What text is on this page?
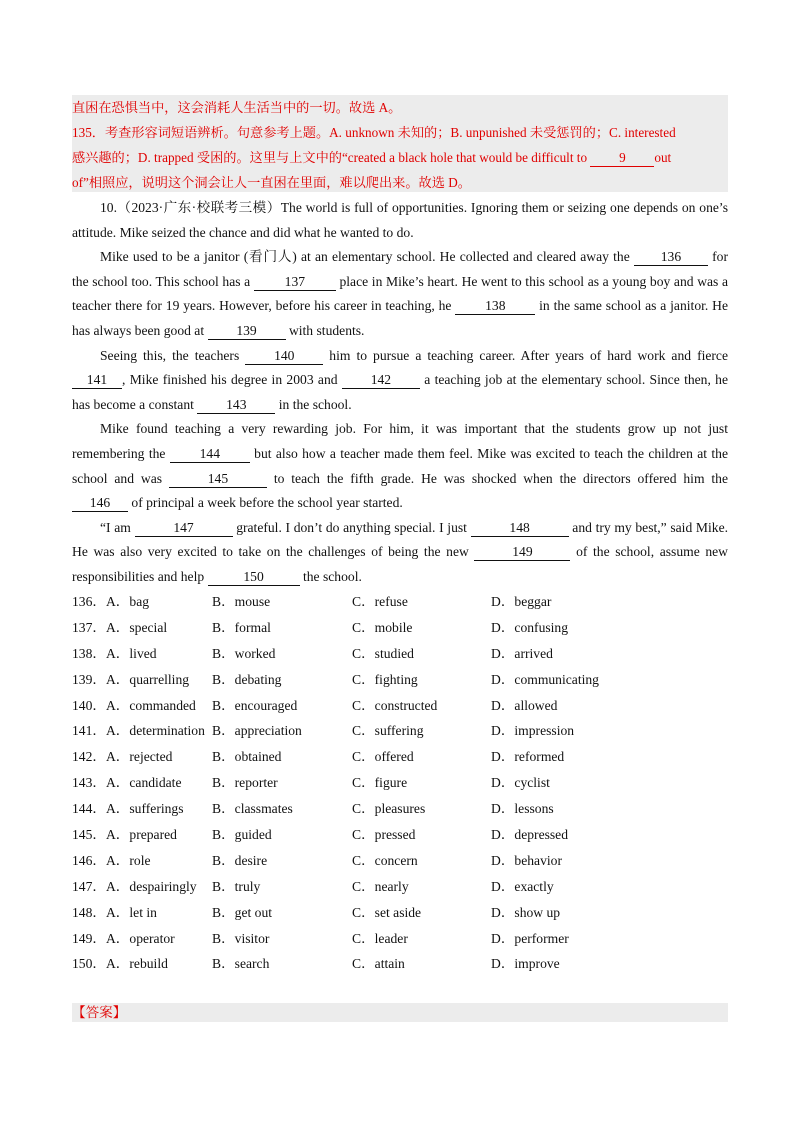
直困在恐惧当中，这会消耗人生活当中的一切。故选 A。
135．考查形容词短语辨析。句意参考上题。A. unknown 未知的；B. unpunished 未受惩罚的；C. interested
感兴趣的；D. trapped 受困的。这里与上文中的“created a black hole that would be difficult to 9 out
of”相照应，说明这个洞会让人一直困在里面，难以爬出来。故选 D。

10.（2023·广东·校联考三模）The world is full of opportunities. Ignoring them or seizing one depends on one’s attitude. Mike seized the chance and did what he wanted to do.

Mike used to be a janitor (看门人) at an elementary school. He collected and cleared away the 136 for the school too. This school has a	137	place in Mike’s heart. He went to this school as a young boy and was a teacher there for 19 years. However, before his career in teaching, he 138 in the same school as a janitor. He has always been good at 139 with students.

Seeing this, the teachers	140	him to pursue a teaching career. After years of hard work and fierce 141 , Mike finished his degree in 2003 and 142 a teaching job at the elementary school. Since then, he has become a constant 143 in the school.

Mike found teaching a very rewarding job. For him, it was important that the students grow up not just remembering the	144	but also how a teacher made them feel. Mike was excited to teach the children at the school and was	145	to teach the fifth grade. He was shocked when the directors offered him the 146 of principal a week before the school year started.

“I am	147	grateful. I don’t do anything special. I just	148	and try my best,” said Mike. He was also very excited to take on the challenges of being the new	149	of the school, assume new responsibilities and help	150	the school.

136．A．bag	B．mouse	C．refuse	D．beggar
137．A．special	B．formal	C．mobile	D．confusing
138．A．lived	B．worked	C．studied	D．arrived
139．A．quarrelling B．debating	C．fighting	D．communicating
140．A．commanded B．encouraged	C．constructed	D．allowed
141．A．determination B．appreciation	C．suffering	D．impression
142．A．rejected	B．obtained	C．offered	D．reformed
143．A．candidate B．reporter	C．figure	D．cyclist
144．A．sufferings B．classmates	C．pleasures	D．lessons
145．A．prepared	B．guided	C．pressed	D．depressed
146．A．role	B．desire	C．concern	D．behavior
147．A．despairingly B．truly	C．nearly	D．exactly
148．A．let in	B．get out	C．set aside	D．show up
149．A．operator	B．visitor	C．leader	D．performer
150．A．rebuild	B．search	C．attain	D．improve
【答案】
